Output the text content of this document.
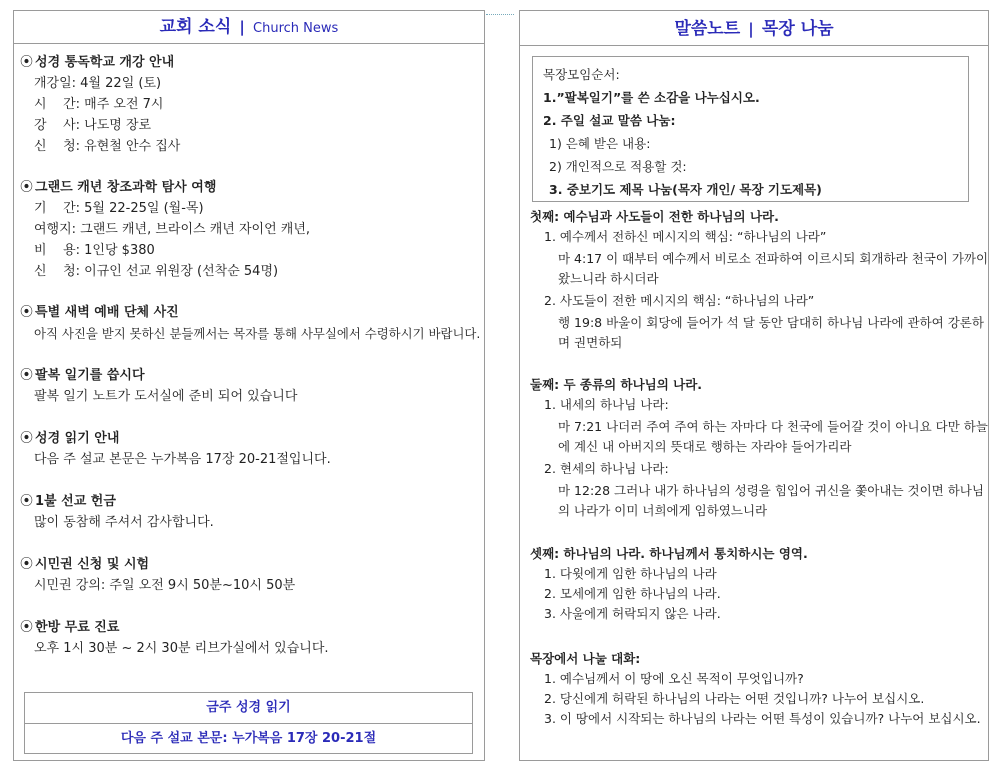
교회 소식 | Church News
⦿ 성경 통독학교 개강 안내
개강일: 4월 22일 (토)
시    간: 매주 오전 7시
강    사: 나도명 장로
신    청: 유현철 안수 집사
⦿ 그랜드 캐년 창조과학 탐사 여행
기    간: 5월 22-25일 (월-목)
여행지: 그랜드 캐년, 브라이스 캐년 자이언 캐년,
비    용: 1인당 $380
신    청: 이규인 선교 위원장 (선착순 54명)
⦿ 특별 새벽 예배 단체 사진
아직 사진을 받지 못하신 분들께서는 목자를 통해 사무실에서 수령하시기 바랍니다.
⦿ 팔복 일기를 씁시다
팔복 일기 노트가 도서실에 준비 되어 있습니다
⦿ 성경 읽기 안내
다음 주 설교 본문은 누가복음 17장 20-21절입니다.
⦿ 1불 선교 헌금
많이 동참해 주셔서 감사합니다.
⦿ 시민권 신청 및 시험
시민권 강의: 주일 오전 9시 50분~10시 50분
⦿ 한방 무료 진료
오후 1시 30분 ~ 2시 30분 리브가실에서 있습니다.
금주 성경 읽기
다음 주 설교 본문: 누가복음 17장 20-21절
말씀노트 | 목장 나눔
목장모임순서:
1.”팔복일기”를 쓴 소감을 나누십시오.
2. 주일 설교 말씀 나눔:
1) 은혜 받은 내용:
2) 개인적으로 적용할 것:
3. 중보기도 제목 나눔(목자 개인/ 목장 기도제목)
첫째: 예수님과 사도들이 전한 하나님의 나라.
1. 예수께서 전하신 메시지의 핵심: “하나님의 나라”
마 4:17 이 때부터 예수께서 비로소 전파하여 이르시되 회개하라 천국이 가까이 왔느니라 하시더라
2. 사도들이 전한 메시지의 핵심: “하나님의 나라”
행 19:8 바울이 회당에 들어가 석 달 동안 담대히 하나님 나라에 관하여 강론하며 권면하되
둘째: 두 종류의 하나님의 나라.
1. 내세의 하나님 나라:
마 7:21 나더러 주여 주여 하는 자마다 다 천국에 들어갈 것이 아니요 다만 하늘에 계신 내 아버지의 뜻대로 행하는 자라야 들어가리라
2. 현세의 하나님 나라:
마 12:28 그러나 내가 하나님의 성령을 힘입어 귀신을 쫓아내는 것이면 하나님의 나라가 이미 너희에게 임하였느니라
셋째: 하나님의 나라. 하나님께서 통치하시는 영역.
1. 다윗에게 임한 하나님의 나라
2. 모세에게 임한 하나님의 나라.
3. 사울에게 허락되지 않은 나라.
목장에서 나눌 대화:
1. 예수님께서 이 땅에 오신 목적이 무엇입니까?
2. 당신에게 허락된 하나님의 나라는 어떤 것입니까? 나누어 보십시오.
3. 이 땅에서 시작되는 하나님의 나라는 어떤 특성이 있습니까? 나누어 보십시오.
